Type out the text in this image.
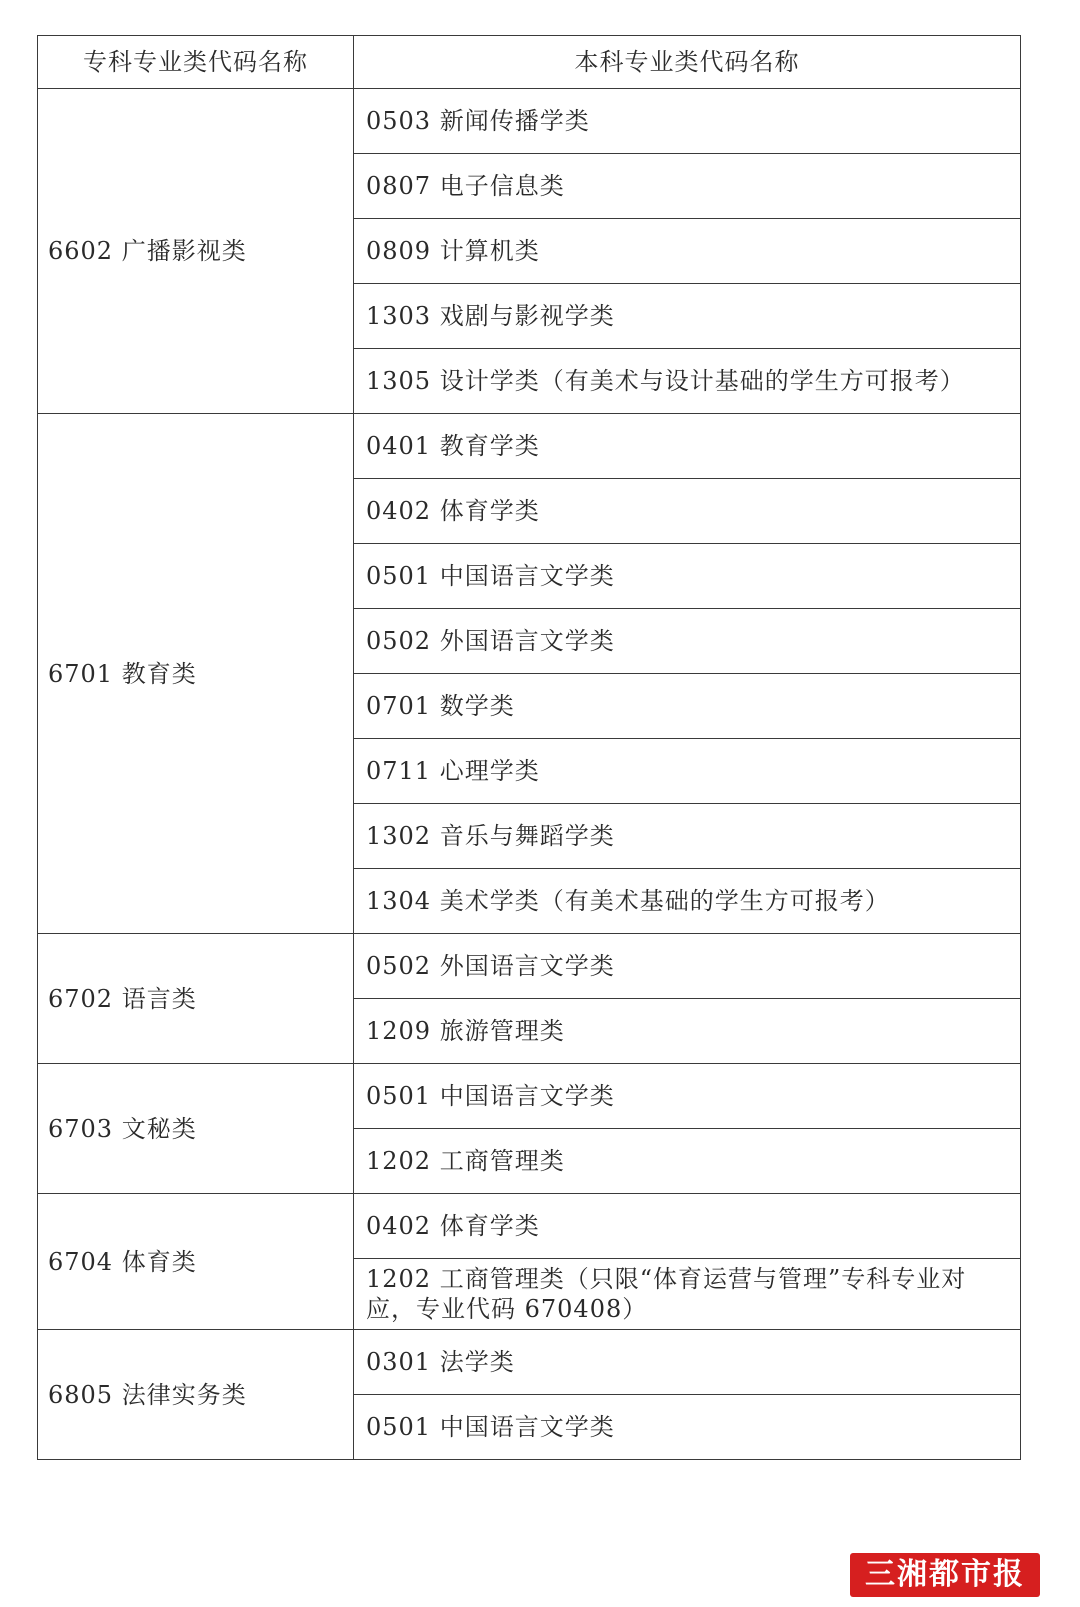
专科专业类代码名称	本科专业类代码名称
6602 广播影视类	0503 新闻传播学类
	0807 电子信息类
	0809 计算机类
	1303 戏剧与影视学类
	1305 设计学类（有美术与设计基础的学生方可报考）
6701 教育类	0401 教育学类
	0402 体育学类
	0501 中国语言文学类
	0502 外国语言文学类
	0701 数学类
	0711 心理学类
	1302 音乐与舞蹈学类
	1304 美术学类（有美术基础的学生方可报考）
6702 语言类	0502 外国语言文学类
	1209 旅游管理类
6703 文秘类	0501 中国语言文学类
	1202 工商管理类
6704 体育类	0402 体育学类
	1202 工商管理类（只限“体育运营与管理”专科专业对应，专业代码 670408）
6805 法律实务类	0301 法学类
	0501 中国语言文学类
三湘都市报
